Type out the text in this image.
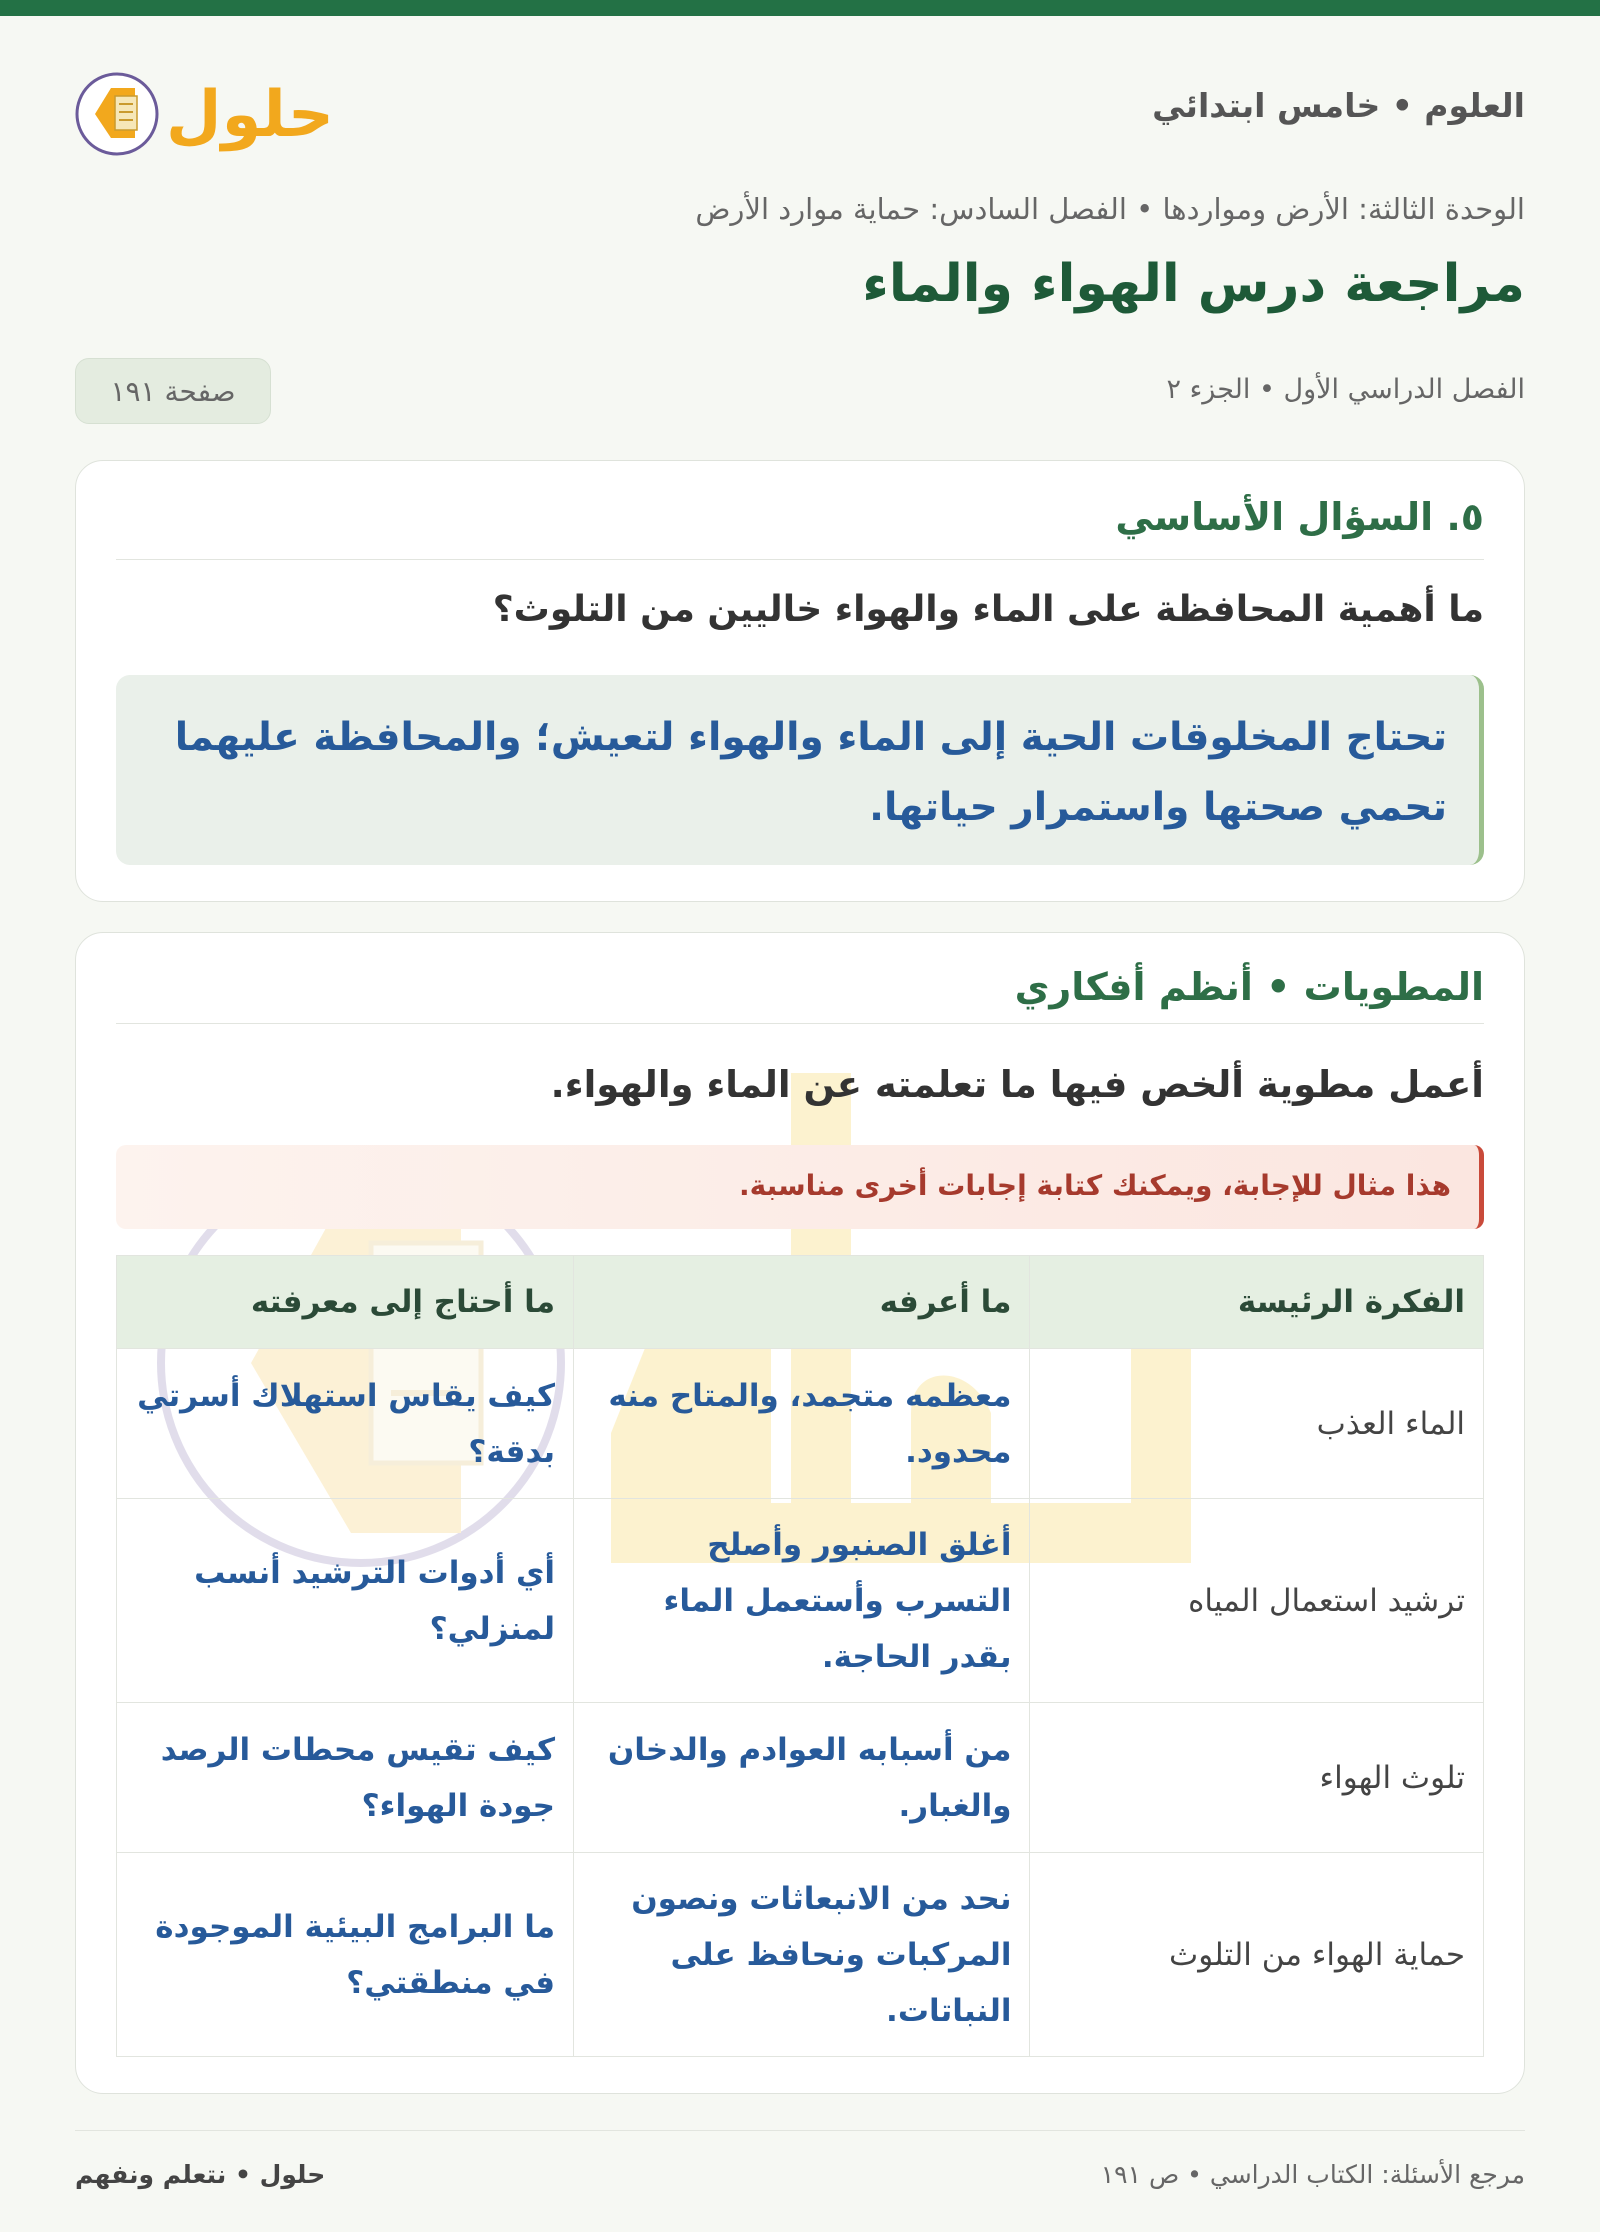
العلوم • خامس ابتدائي
حلول
الوحدة الثالثة: الأرض ومواردها • الفصل السادس: حماية موارد الأرض
مراجعة درس الهواء والماء
الفصل الدراسي الأول • الجزء ٢
صفحة ١٩١
٥. السؤال الأساسي
ما أهمية المحافظة على الماء والهواء خاليين من التلوث؟
تحتاج المخلوقات الحية إلى الماء والهواء لتعيش؛ والمحافظة عليهما
تحمي صحتها واستمرار حياتها.
المطويات • أنظم أفكاري
أعمل مطوية ألخص فيها ما تعلمته عن الماء والهواء.
هذا مثال للإجابة، ويمكنك كتابة إجابات أخرى مناسبة.
الفكرة الرئيسة	ما أعرفه	ما أحتاج إلى معرفته
الماء العذب	معظمه متجمد، والمتاح منه محدود.	كيف يقاس استهلاك أسرتي بدقة؟
ترشيد استعمال المياه	أغلق الصنبور وأصلح التسرب وأستعمل الماء بقدر الحاجة.	أي أدوات الترشيد أنسب لمنزلي؟
تلوث الهواء	من أسبابه العوادم والدخان والغبار.	كيف تقيس محطات الرصد جودة الهواء؟
حماية الهواء من التلوث	نحد من الانبعاثات ونصون المركبات ونحافظ على النباتات.	ما البرامج البيئية الموجودة في منطقتي؟
مرجع الأسئلة: الكتاب الدراسي • ص ١٩١
حلول • نتعلم ونفهم
